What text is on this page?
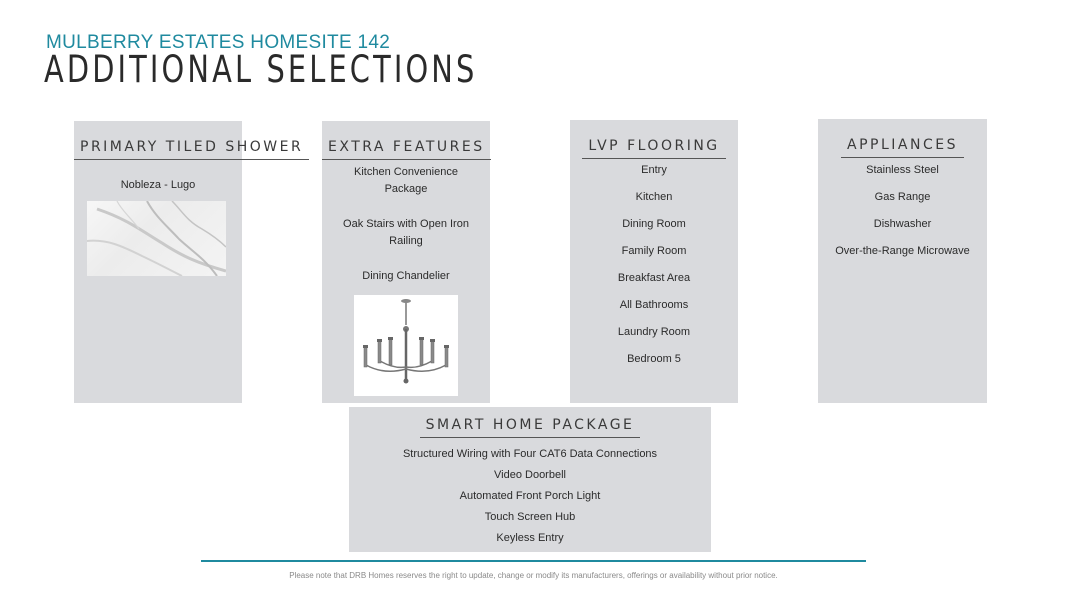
MULBERRY ESTATES HOMESITE 142
ADDITIONAL SELECTIONS
PRIMARY TILED SHOWER
Nobleza - Lugo
EXTRA FEATURES
Kitchen Convenience Package
Oak Stairs with Open Iron Railing
Dining Chandelier
LVP FLOORING
Entry
Kitchen
Dining Room
Family Room
Breakfast Area
All Bathrooms
Laundry Room
Bedroom 5
APPLIANCES
Stainless Steel
Gas Range
Dishwasher
Over-the-Range Microwave
SMART HOME PACKAGE
Structured Wiring with Four CAT6 Data Connections
Video Doorbell
Automated Front Porch Light
Touch Screen Hub
Keyless Entry
Please note that DRB Homes reserves the right to update, change or modify its manufacturers, offerings or availability without prior notice.
